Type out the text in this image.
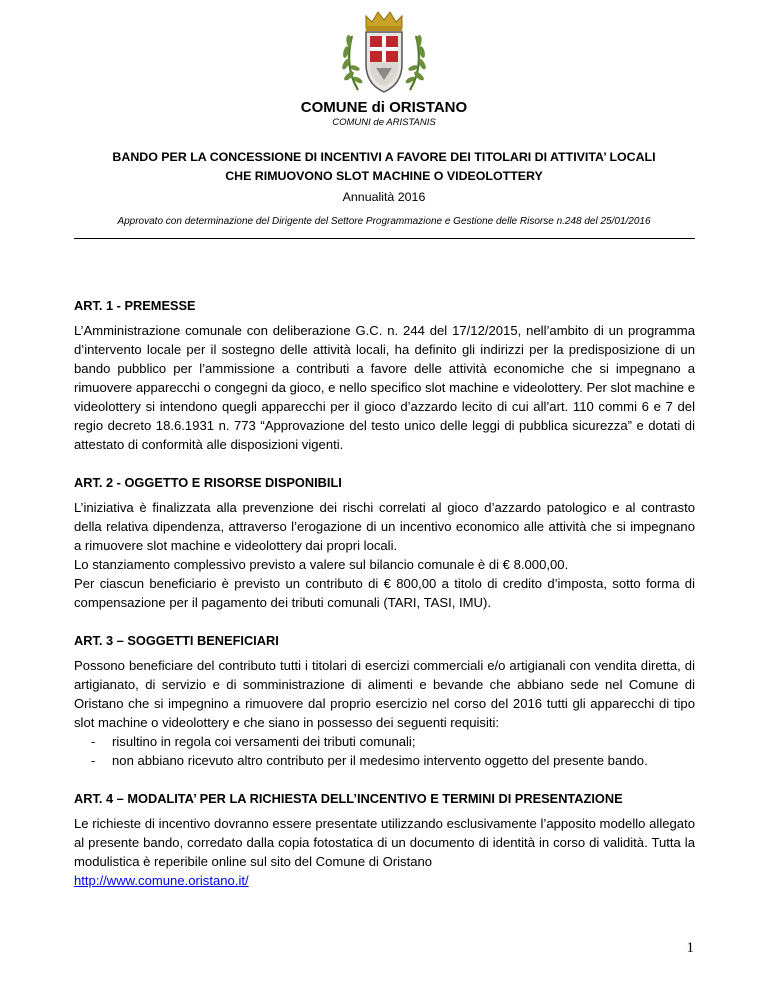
COMUNE di ORISTANO
COMUNI de ARISTANIS
BANDO PER LA CONCESSIONE DI INCENTIVI A FAVORE DEI TITOLARI DI ATTIVITA’ LOCALI
CHE RIMUOVONO SLOT MACHINE O VIDEOLOTTERY
Annualità 2016
Approvato con determinazione del Dirigente del Settore Programmazione e Gestione delle Risorse n.248 del 25/01/2016

ART. 1 - PREMESSE

L’Amministrazione comunale con deliberazione G.C. n. 244 del 17/12/2015, nell’ambito di un programma d’intervento locale per il sostegno delle attività locali, ha definito gli indirizzi per la predisposizione di un bando pubblico per l’ammissione a contributi a favore delle attività economiche che si impegnano a rimuovere apparecchi o congegni da gioco, e nello specifico slot machine e videolottery. Per slot machine e videolottery si intendono quegli apparecchi per il gioco d’azzardo lecito di cui all’art. 110 commi 6 e 7 del regio decreto 18.6.1931 n. 773 “Approvazione del testo unico delle leggi di pubblica sicurezza” e dotati di attestato di conformità alle disposizioni vigenti.

ART. 2 - OGGETTO E RISORSE DISPONIBILI

L’iniziativa è finalizzata alla prevenzione dei rischi correlati al gioco d’azzardo patologico e al contrasto della relativa dipendenza, attraverso l’erogazione di un incentivo economico alle attività che si impegnano a rimuovere slot machine e videolottery dai propri locali.

Lo stanziamento complessivo previsto a valere sul bilancio comunale è di € 8.000,00.

Per ciascun beneficiario è previsto un contributo di € 800,00 a titolo di credito d’imposta, sotto forma di compensazione per il pagamento dei tributi comunali (TARI, TASI, IMU).

ART. 3 – SOGGETTI BENEFICIARI

Possono beneficiare del contributo tutti i titolari di esercizi commerciali e/o artigianali con vendita diretta, di artigianato, di servizio e di somministrazione di alimenti e bevande che abbiano sede nel Comune di Oristano che si impegnino a rimuovere dal proprio esercizio nel corso del 2016 tutti gli apparecchi di tipo slot machine o videolottery e che siano in possesso dei seguenti requisiti:

- risultino in regola coi versamenti dei tributi comunali;
- non abbiano ricevuto altro contributo per il medesimo intervento oggetto del presente bando.

ART. 4 – MODALITA’ PER LA RICHIESTA DELL’INCENTIVO E TERMINI DI PRESENTAZIONE

Le richieste di incentivo dovranno essere presentate utilizzando esclusivamente l’apposito modello allegato al presente bando, corredato dalla copia fotostatica di un documento di identità in corso di validità. Tutta la modulistica è reperibile online sul sito del Comune di Oristano

http://www.comune.oristano.it/
1
